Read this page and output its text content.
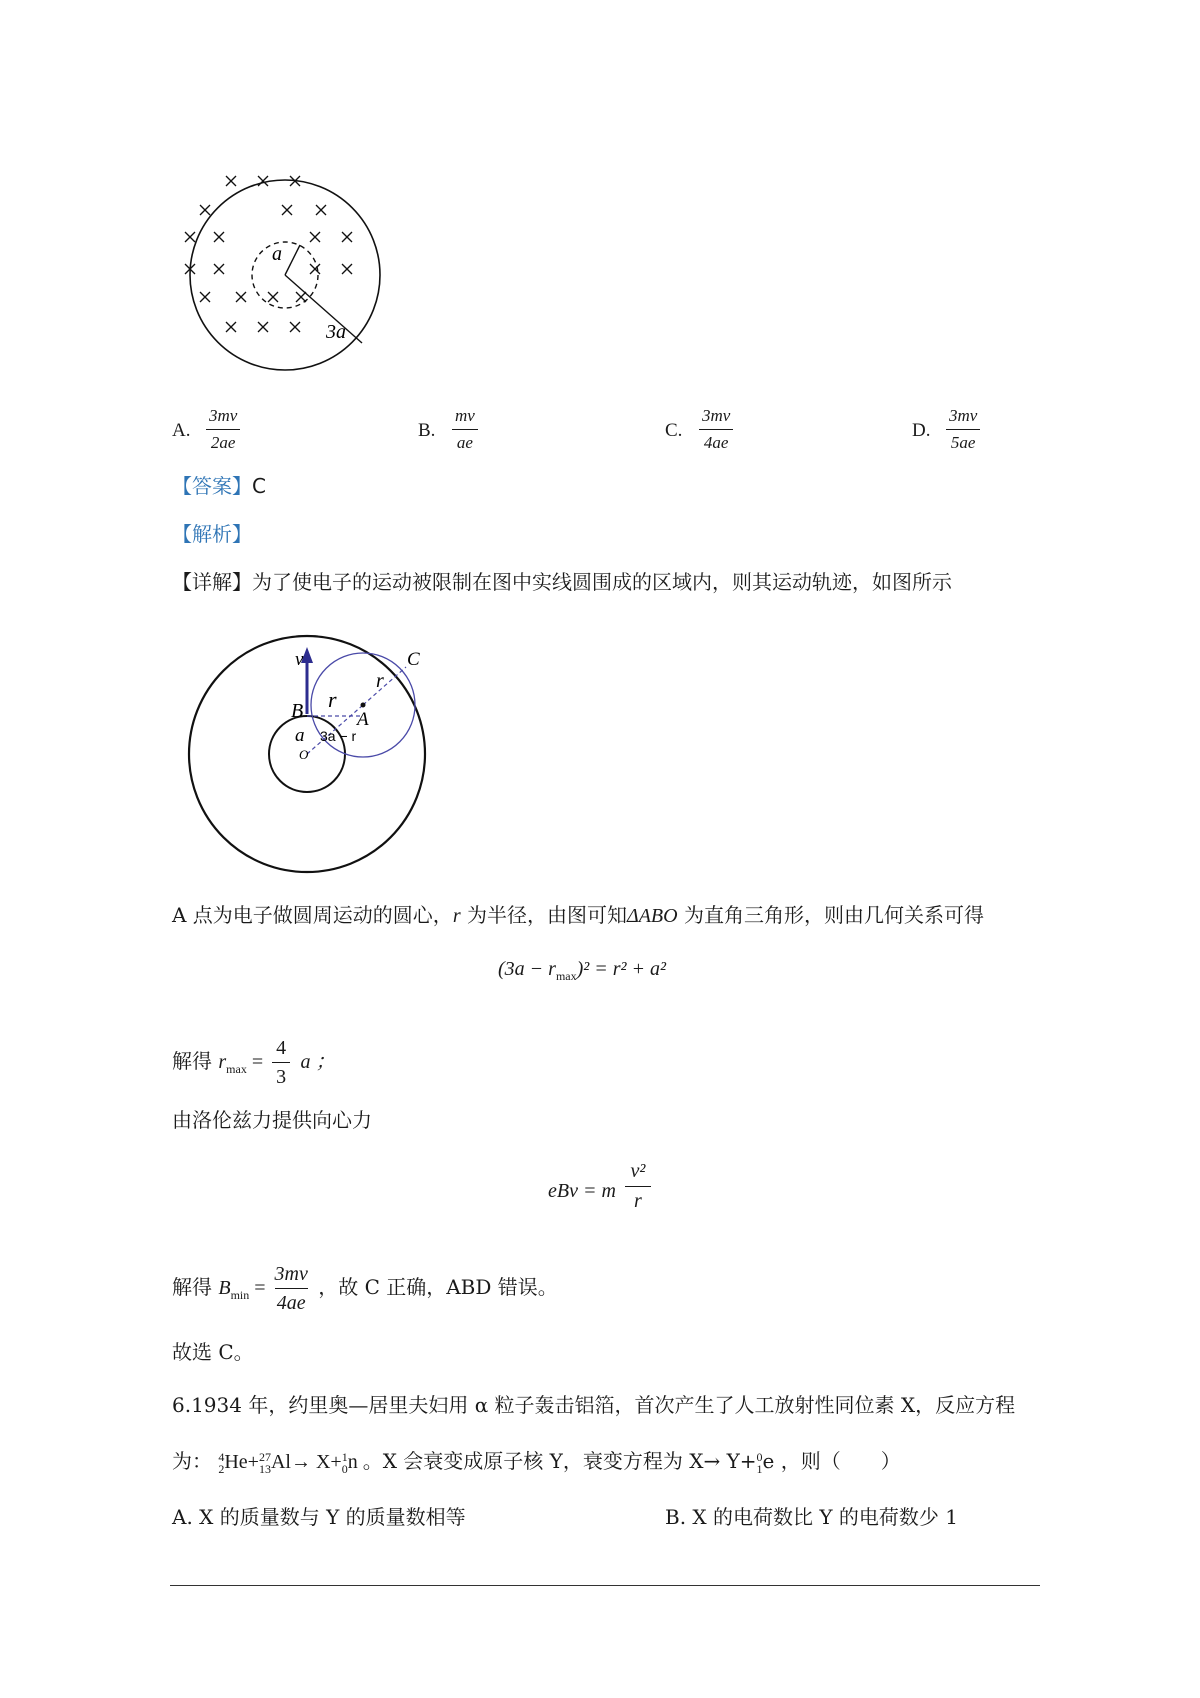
a
3a
A.
3mv
2ae
B.
mv
ae
C.
3mv
4ae
D.
3mv
5ae
【答案】C
【解析】
【详解】为了使电子的运动被限制在图中实线圆围成的区域内，则其运动轨迹，如图所示
v
B r
r
C
A
a
O
3a − r
A 点为电子做圆周运动的圆心，r 为半径，由图可知ΔABO 为直角三角形，则由几何关系可得
$(3a - r_{max})^2 = r^2 + a^2$
解得 $r_{max} = \frac{4}{3}$ a ；
由洛伦兹力提供向心力
eBv = m $\frac{\text{v²}}{r}$
解得 $B_{min} = \frac{3mv}{4ae}$ ，故 C 正确，ABD 错误。
故选 C。
6.1934 年，约里奥—居里夫妇用 α 粒子轰击铝箔，首次产生了人工放射性同位素 X，反应方程
为： 4
2 He+ 27
13 Al→ X+ 1
0 n 。X 会衰变成原子核 Y，衰变方程为 X→ Y+ 0
1 e ，则（　　）
A. X 的质量数与 Y 的质量数相等	B. X 的电荷数比 Y 的电荷数少 1
